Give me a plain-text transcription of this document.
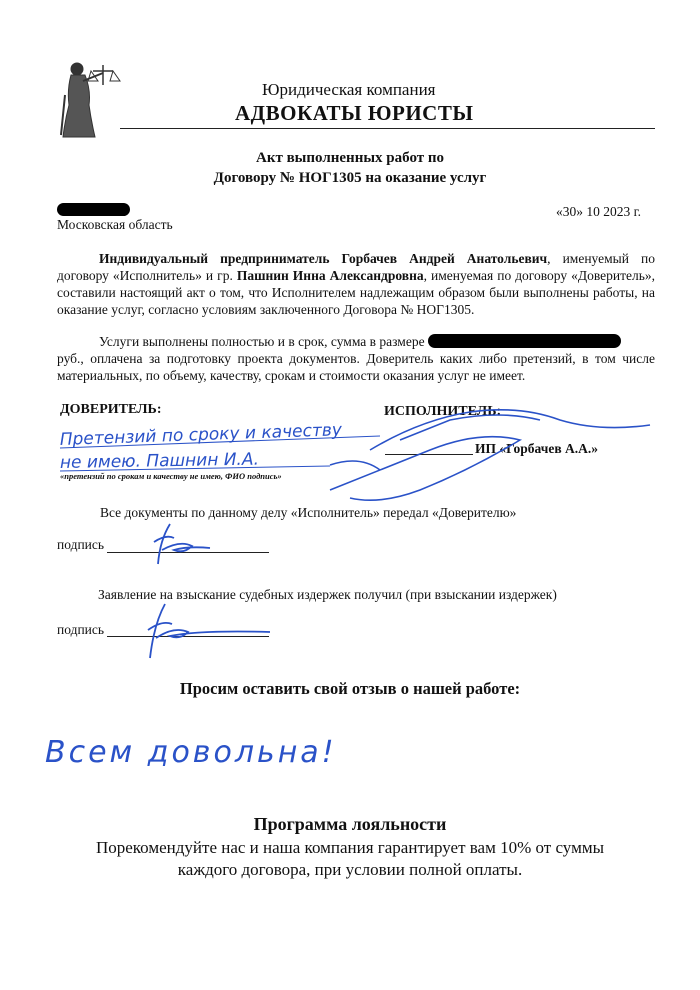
Юридическая компания
АДВОКАТЫ ЮРИСТЫ
Акт выполненных работ по
Договору № НОГ1305 на оказание услуг
Московская область
«30» 10 2023 г.

Индивидуальный предприниматель Горбачев Андрей Анатольевич, именуемый по договору «Исполнитель» и гр. Пашнин Инна Александровна, именуемая по договору «Доверитель», составили настоящий акт о том, что Исполнителем надлежащим образом были выполнены работы, на оказание услуг, согласно условиям заключенного Договора № НОГ1305.

Услуги выполнены полностью и в срок, сумма в размере
руб., оплачена за подготовку проекта документов. Доверитель каких либо претензий, в том числе материальных, по объему, качеству, срокам и стоимости оказания услуг не имеет.

ДОВЕРИТЕЛЬ:	ИСПОЛНИТЕЛЬ:
ИП «Горбачев А.А.»
«претензий по срокам и качеству не имею, ФИО подпись»
Претензий по сроку и качеству
не имею. Пашнин И.А.
Все документы по данному делу «Исполнитель» передал «Доверителю»
подпись
Заявление на взыскание судебных издержек получил (при взыскании издержек)
подпись
Просим оставить свой отзыв о нашей работе:
Всем довольна!
Программа лояльности
Порекомендуйте нас и наша компания гарантирует вам 10% от суммы
каждого договора, при условии полной оплаты.
